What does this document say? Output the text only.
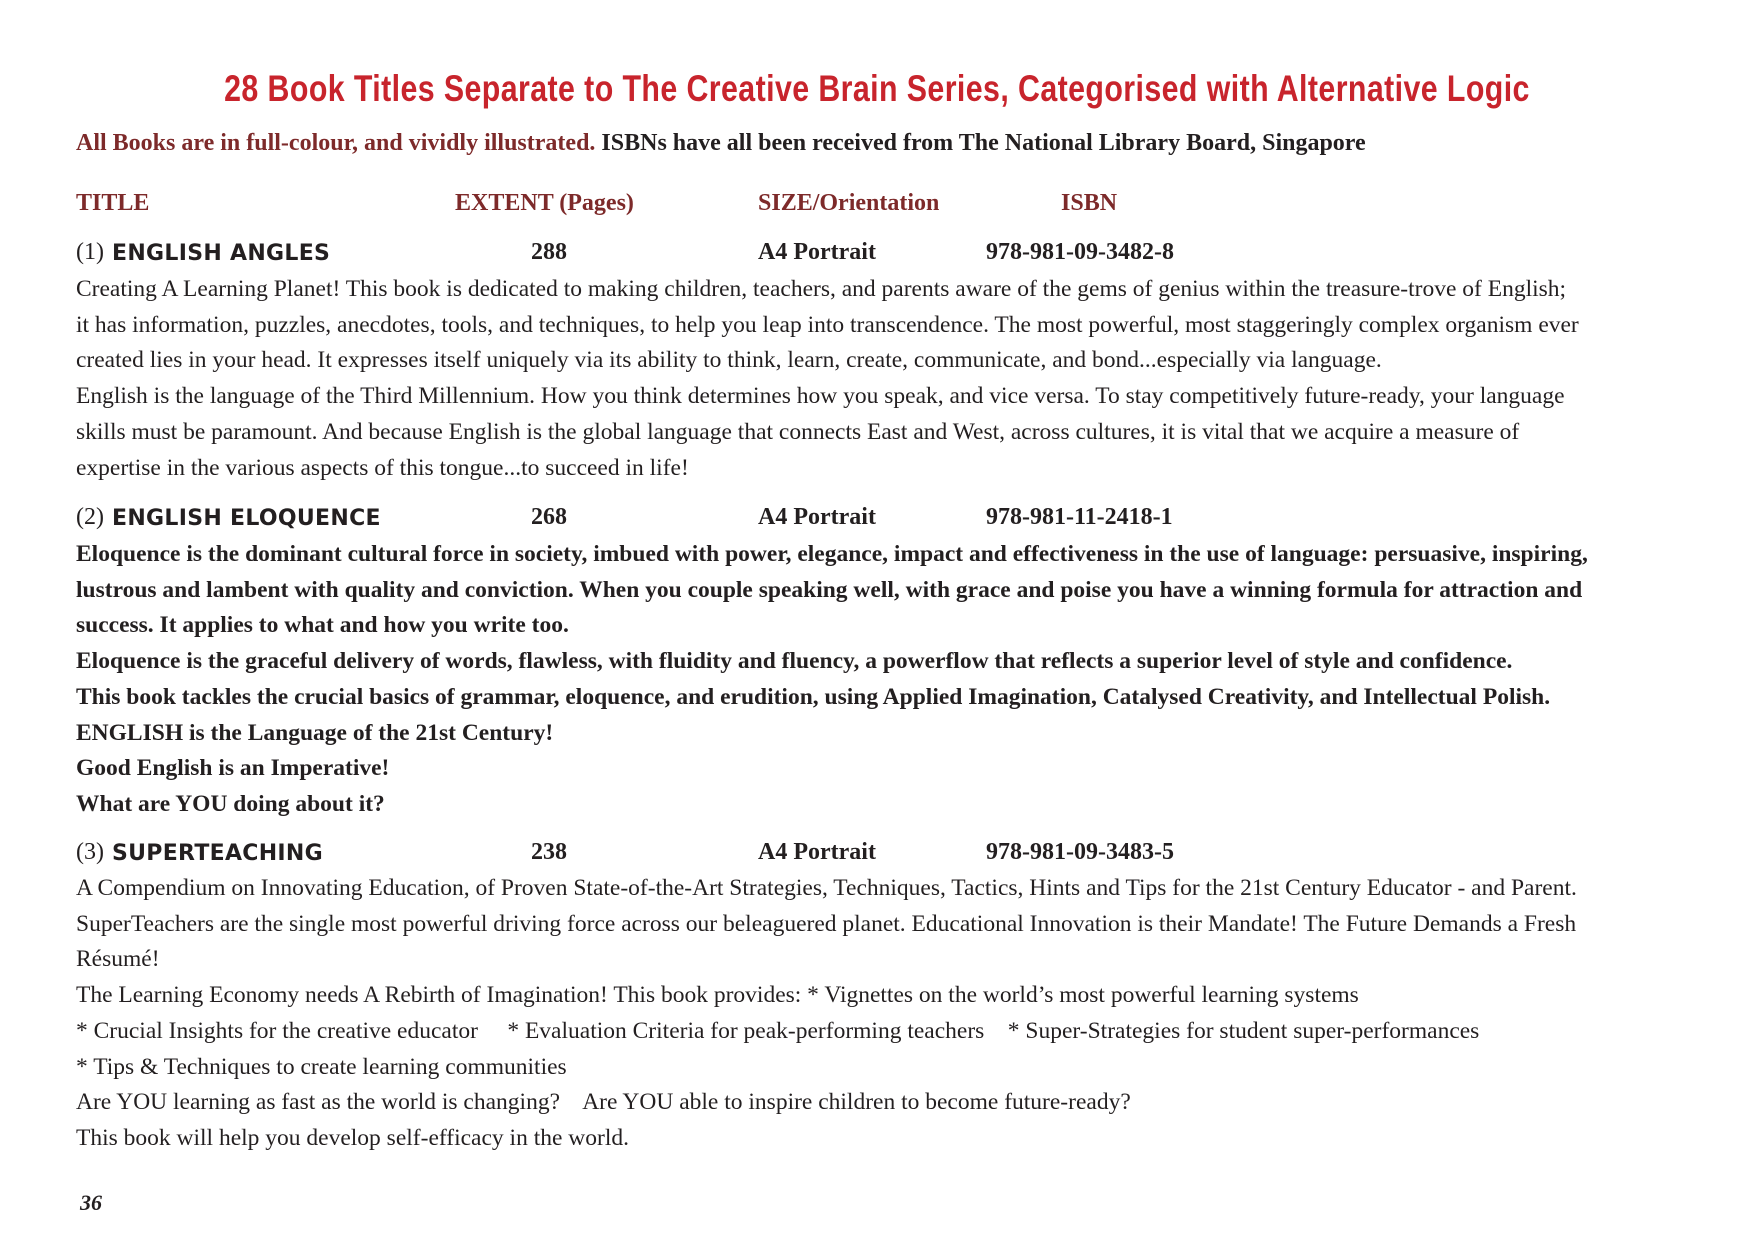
28 Book Titles Separate to The Creative Brain Series, Categorised with Alternative Logic
All Books are in full-colour, and vividly illustrated. ISBNs have all been received from The National Library Board, Singapore
TITLE	EXTENT (Pages)	SIZE/Orientation	ISBN
(1) ENGLISH ANGLES	288	A4 Portrait	978-981-09-3482-8

Creating A Learning Planet! This book is dedicated to making children, teachers, and parents aware of the gems of genius within the treasure-trove of English;

it has information, puzzles, anecdotes, tools, and techniques, to help you leap into transcendence. The most powerful, most staggeringly complex organism ever

created lies in your head. It expresses itself uniquely via its ability to think, learn, create, communicate, and bond...especially via language.

English is the language of the Third Millennium. How you think determines how you speak, and vice versa. To stay competitively future-ready, your language

skills must be paramount. And because English is the global language that connects East and West, across cultures, it is vital that we acquire a measure of

expertise in the various aspects of this tongue...to succeed in life!

(2) ENGLISH ELOQUENCE	268	A4 Portrait	978-981-11-2418-1

Eloquence is the dominant cultural force in society, imbued with power, elegance, impact and effectiveness in the use of language: persuasive, inspiring,

lustrous and lambent with quality and conviction. When you couple speaking well, with grace and poise you have a winning formula for attraction and

success. It applies to what and how you write too.

Eloquence is the graceful delivery of words, flawless, with fluidity and fluency, a powerflow that reflects a superior level of style and confidence.

This book tackles the crucial basics of grammar, eloquence, and erudition, using Applied Imagination, Catalysed Creativity, and Intellectual Polish.

ENGLISH is the Language of the 21st Century!

Good English is an Imperative!

What are YOU doing about it?

(3) SUPERTEACHING	238	A4 Portrait	978-981-09-3483-5

A Compendium on Innovating Education, of Proven State-of-the-Art Strategies, Techniques, Tactics, Hints and Tips for the 21st Century Educator - and Parent.

SuperTeachers are the single most powerful driving force across our beleaguered planet. Educational Innovation is their Mandate! The Future Demands a Fresh

Résumé!

The Learning Economy needs A Rebirth of Imagination! This book provides: * Vignettes on the world’s most powerful learning systems

* Crucial Insights for the creative educator     * Evaluation Criteria for peak-performing teachers    * Super-Strategies for student super-performances

* Tips & Techniques to create learning communities

Are YOU learning as fast as the world is changing?    Are YOU able to inspire children to become future-ready?

This book will help you develop self-efficacy in the world.

36
